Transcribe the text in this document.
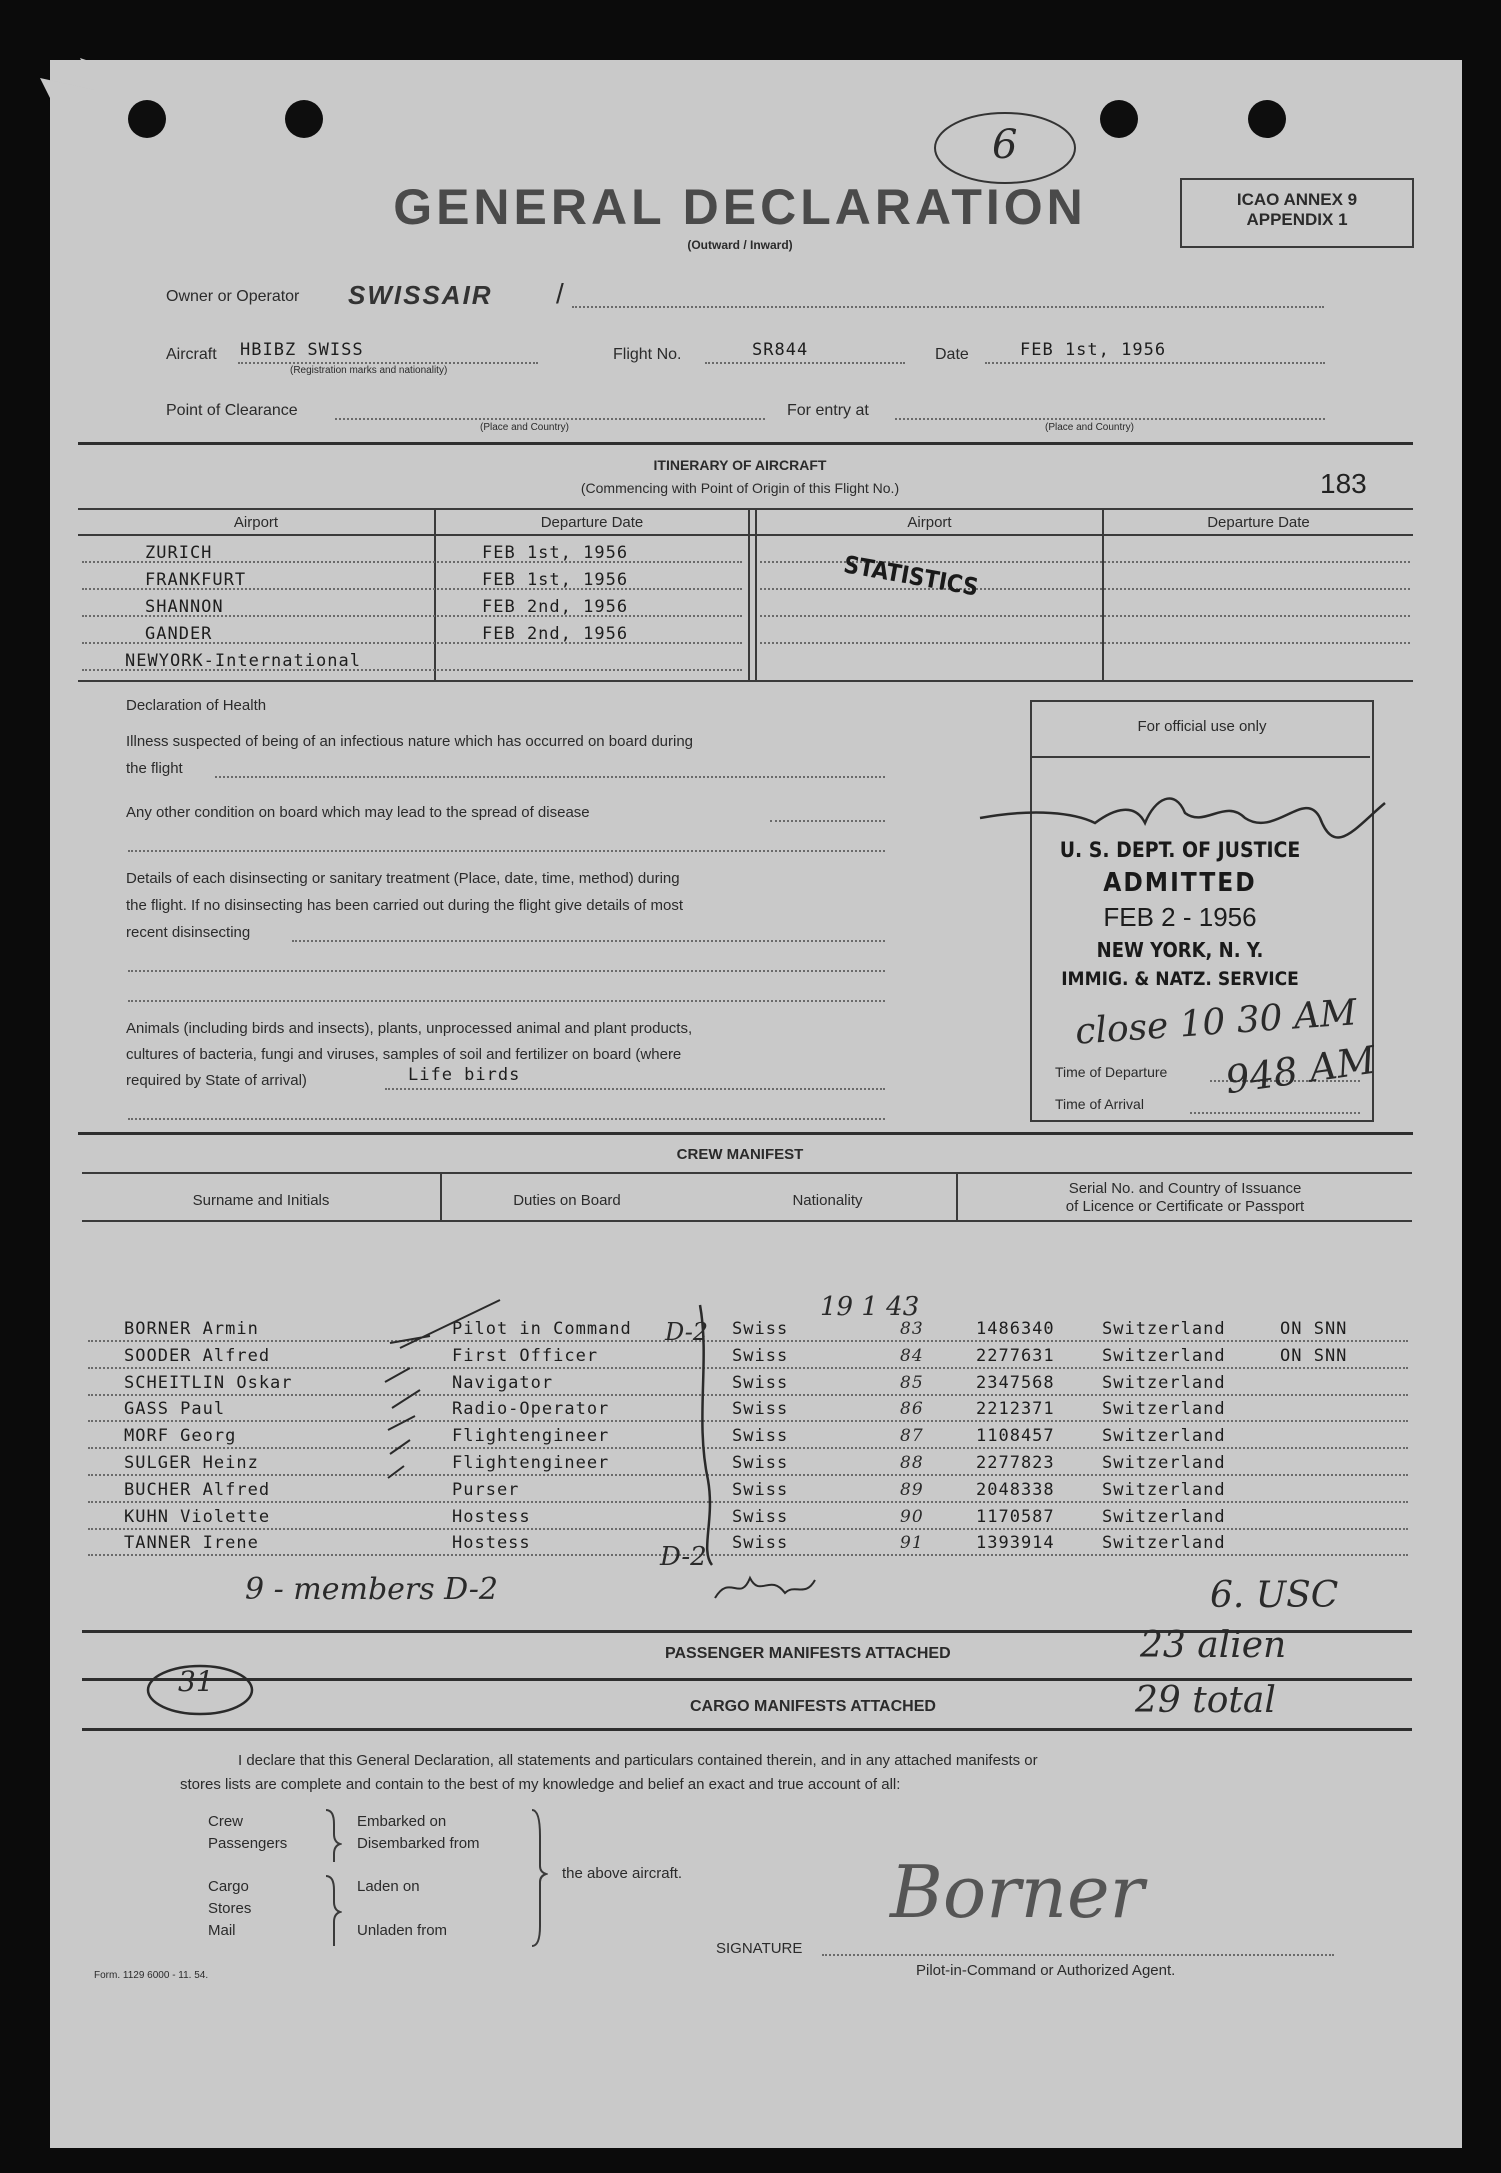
GENERAL DECLARATION
(Outward / Inward)
6
ICAO ANNEX 9
APPENDIX 1
Owner or Operator SWISSAIR /
Aircraft HBIBZ SWISS
(Registration marks and nationality)
Flight No.	SR844	Date	FEB 1st, 1956
Point of Clearance
(Place and Country)
For entry at
(Place and Country)
ITINERARY OF AIRCRAFT
(Commencing with Point of Origin of this Flight No.)	183
Airport	Departure Date	Airport	Departure Date
ZURICH	FEB 1st, 1956
FRANKFURT	FEB 1st, 1956
SHANNON	FEB 2nd, 1956
GANDER	FEB 2nd, 1956
NEWYORK-International
STATISTICS
Declaration of Health
Illness suspected of being of an infectious nature which has occurred on board during
the flight
Any other condition on board which may lead to the spread of disease
Details of each disinsecting or sanitary treatment (Place, date, time, method) during
the flight. If no disinsecting has been carried out during the flight give details of most
recent disinsecting
Animals (including birds and insects), plants, unprocessed animal and plant products,
cultures of bacteria, fungi and viruses, samples of soil and fertilizer on board (where
required by State of arrival)	Life birds
For official use only
U. S. DEPT. OF JUSTICE
ADMITTED
FEB 2 - 1956
NEW YORK, N. Y.
IMMIG. & NATZ. SERVICE
close 10 30 AM
Time of Departure
Time of Arrival
948 AM
CREW MANIFEST
Surname and Initials	Duties on Board	Nationality
Serial No. and Country of Issuance
of Licence or Certificate or Passport
BORNER Armin	Pilot in Command	Swiss	83	1486340	Switzerland	ON SNN
SOODER Alfred	First Officer	Swiss	84	2277631	Switzerland	ON SNN
SCHEITLIN Oskar	Navigator	Swiss	85	2347568	Switzerland
GASS Paul	Radio-Operator	Swiss	86	2212371	Switzerland
MORF Georg	Flightengineer	Swiss	87	1108457	Switzerland
SULGER Heinz	Flightengineer	Swiss	88	2277823	Switzerland
BUCHER Alfred	Purser	Swiss	89	2048338	Switzerland
KUHN Violette	Hostess	Swiss	90	1170587	Switzerland
TANNER Irene	Hostess	Swiss	91	1393914	Switzerland
9 - members D-2
D-2
D-2
19 1 43
6. USC
PASSENGER MANIFESTS ATTACHED
CARGO MANIFESTS ATTACHED
31
23 alien
29 total
I declare that this General Declaration, all statements and particulars contained therein, and in any attached manifests or
stores lists are complete and contain to the best of my knowledge and belief an exact and true account of all:
Crew
Passengers
Embarked on
Disembarked from
Cargo
Stores
Mail
Laden on
Unladen from
the above aircraft.
SIGNATURE
Borner
Pilot-in-Command or Authorized Agent.
Form. 1129 6000 - 11. 54.
